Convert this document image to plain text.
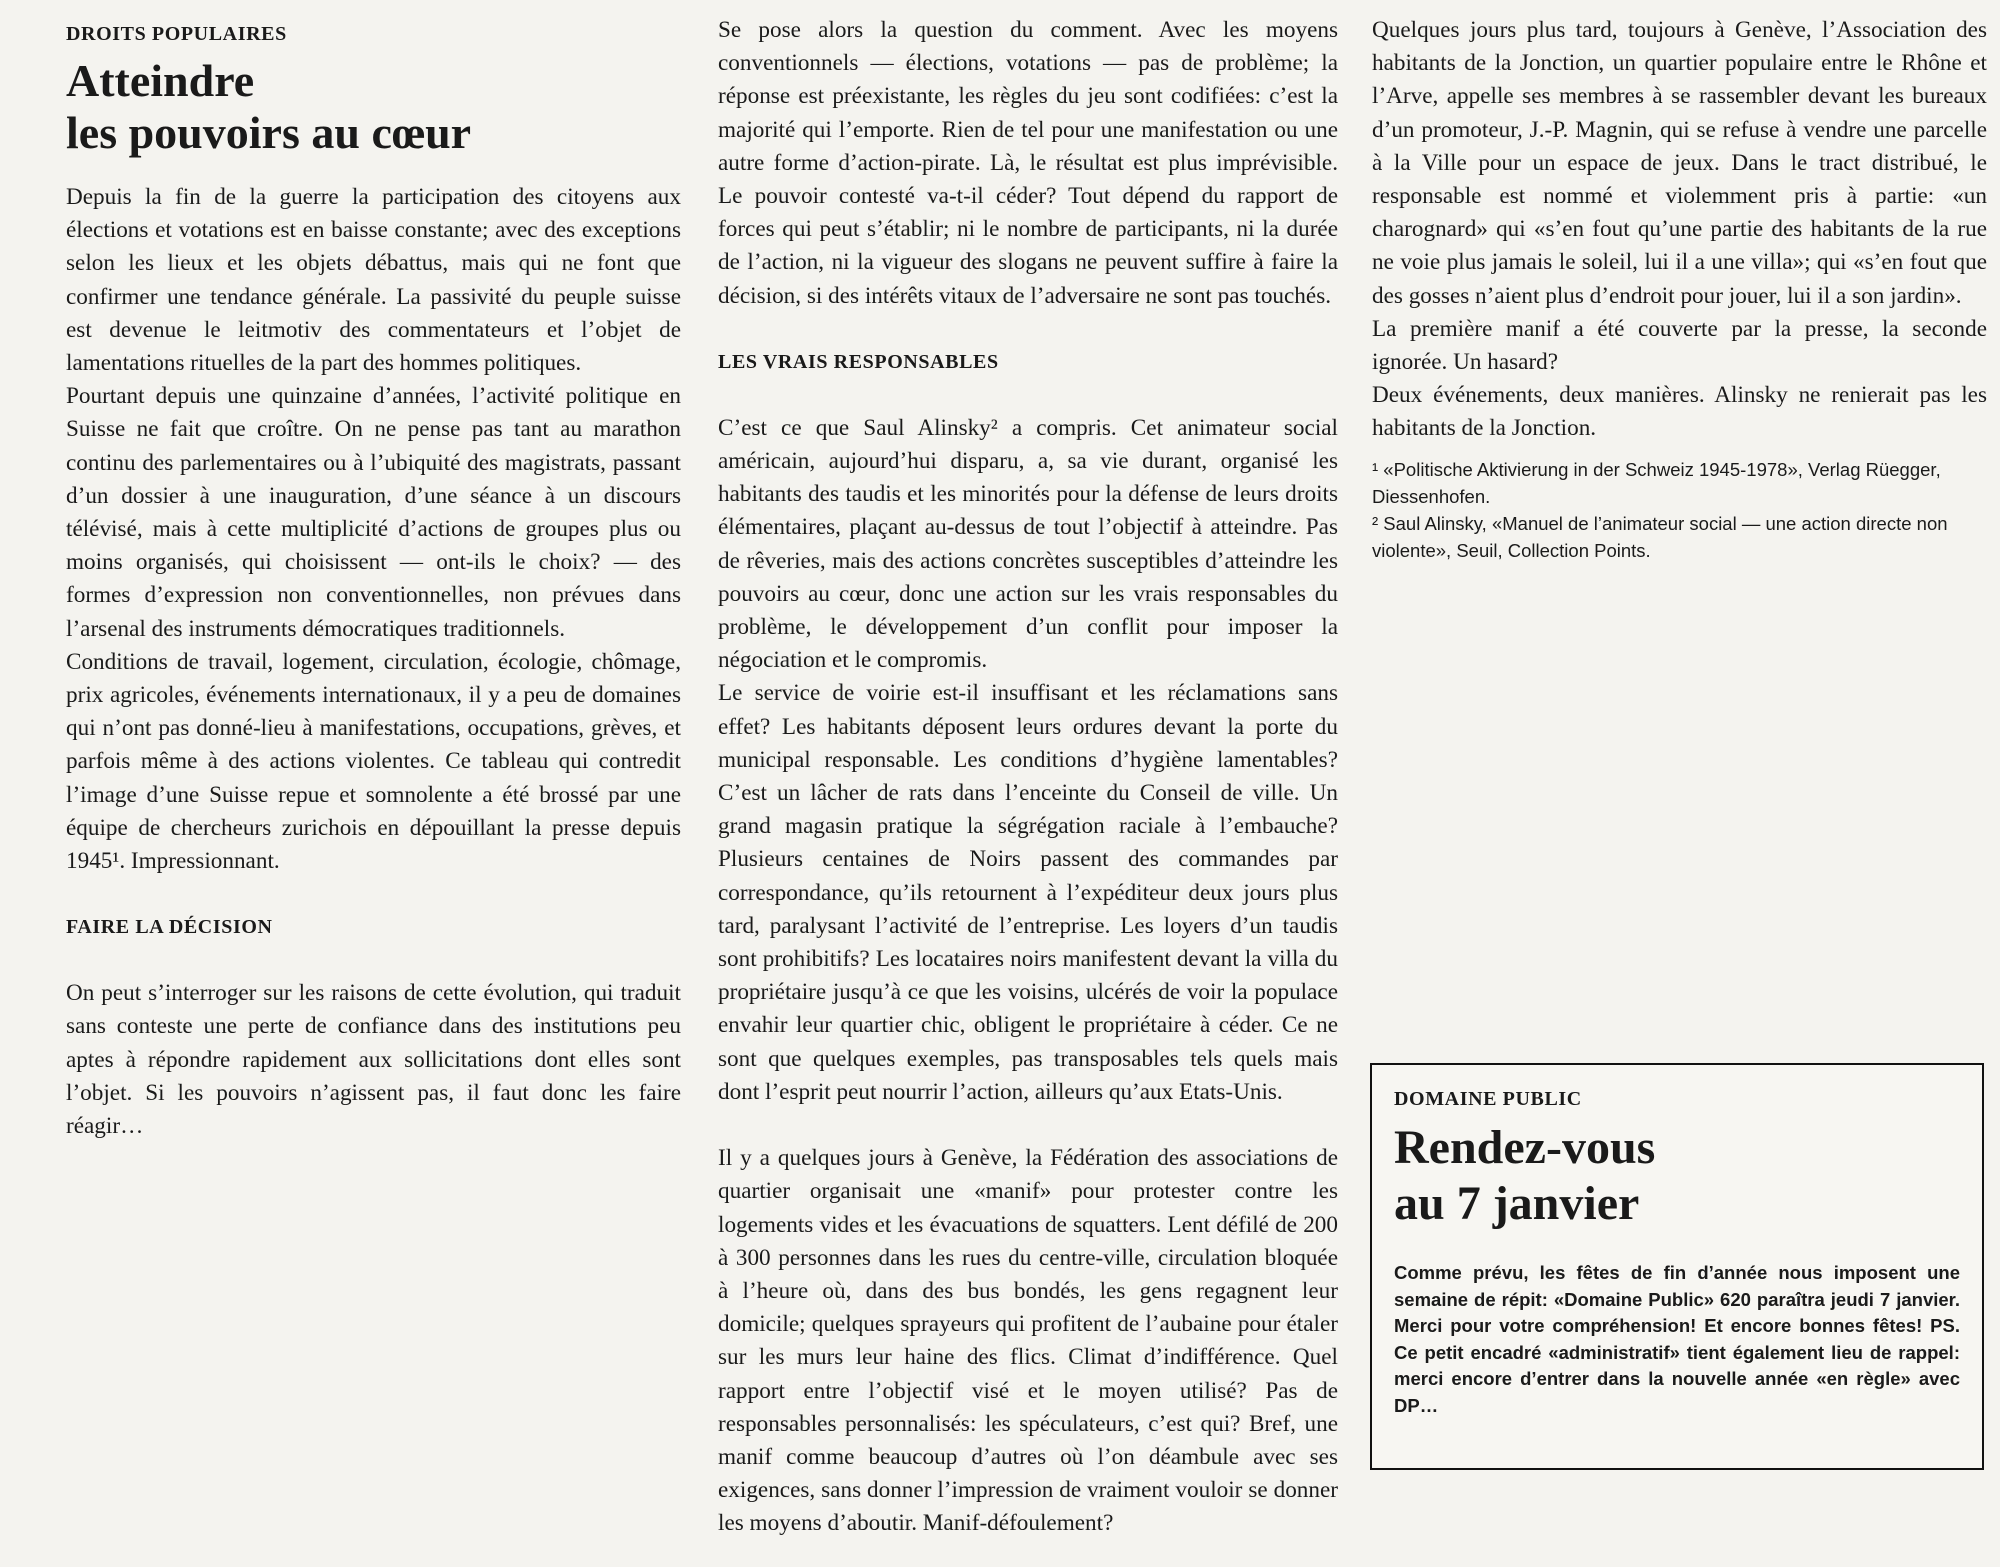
DROITS POPULAIRES
Atteindre
les pouvoirs au cœur

Depuis la fin de la guerre la participation des citoyens aux élections et votations est en baisse constante; avec des exceptions selon les lieux et les objets débattus, mais qui ne font que confirmer une tendance générale. La passivité du peuple suisse est devenue le leitmotiv des commentateurs et l’objet de lamentations rituelles de la part des hommes politiques.

Pourtant depuis une quinzaine d’années, l’activité politique en Suisse ne fait que croître. On ne pense pas tant au marathon continu des parlementaires ou à l’ubiquité des magistrats, passant d’un dossier à une inauguration, d’une séance à un discours télévisé, mais à cette multiplicité d’actions de groupes plus ou moins organisés, qui choisissent — ont-ils le choix? — des formes d’expression non conventionnelles, non prévues dans l’arsenal des instruments démocratiques traditionnels.

Conditions de travail, logement, circulation, écologie, chômage, prix agricoles, événements internationaux, il y a peu de domaines qui n’ont pas donné-lieu à manifestations, occupations, grèves, et parfois même à des actions violentes. Ce tableau qui contredit l’image d’une Suisse repue et somnolente a été brossé par une équipe de chercheurs zurichois en dépouillant la presse depuis 1945¹. Impressionnant.

FAIRE LA DÉCISION

On peut s’interroger sur les raisons de cette évolution, qui traduit sans conteste une perte de confiance dans des institutions peu aptes à répondre rapidement aux sollicitations dont elles sont l’objet. Si les pouvoirs n’agissent pas, il faut donc les faire réagir…

Se pose alors la question du comment. Avec les moyens conventionnels — élections, votations — pas de problème; la réponse est préexistante, les règles du jeu sont codifiées: c’est la majorité qui l’emporte. Rien de tel pour une manifestation ou une autre forme d’action-pirate. Là, le résultat est plus imprévisible. Le pouvoir contesté va-t-il céder? Tout dépend du rapport de forces qui peut s’établir; ni le nombre de participants, ni la durée de l’action, ni la vigueur des slogans ne peuvent suffire à faire la décision, si des intérêts vitaux de l’adversaire ne sont pas touchés.

LES VRAIS RESPONSABLES

C’est ce que Saul Alinsky² a compris. Cet animateur social américain, aujourd’hui disparu, a, sa vie durant, organisé les habitants des taudis et les minorités pour la défense de leurs droits élémentaires, plaçant au-dessus de tout l’objectif à atteindre. Pas de rêveries, mais des actions concrètes susceptibles d’atteindre les pouvoirs au cœur, donc une action sur les vrais responsables du problème, le développement d’un conflit pour imposer la négociation et le compromis.

Le service de voirie est-il insuffisant et les réclamations sans effet? Les habitants déposent leurs ordures devant la porte du municipal responsable. Les conditions d’hygiène lamentables? C’est un lâcher de rats dans l’enceinte du Conseil de ville. Un grand magasin pratique la ségrégation raciale à l’embauche? Plusieurs centaines de Noirs passent des commandes par correspondance, qu’ils retournent à l’expéditeur deux jours plus tard, paralysant l’activité de l’entreprise. Les loyers d’un taudis sont prohibitifs? Les locataires noirs manifestent devant la villa du propriétaire jusqu’à ce que les voisins, ulcérés de voir la populace envahir leur quartier chic, obligent le propriétaire à céder. Ce ne sont que quelques exemples, pas transposables tels quels mais dont l’esprit peut nourrir l’action, ailleurs qu’aux Etats-Unis.

Il y a quelques jours à Genève, la Fédération des associations de quartier organisait une «manif» pour protester contre les logements vides et les évacuations de squatters. Lent défilé de 200 à 300 personnes dans les rues du centre-ville, circulation bloquée à l’heure où, dans des bus bondés, les gens regagnent leur domicile; quelques sprayeurs qui profitent de l’aubaine pour étaler sur les murs leur haine des flics. Climat d’indifférence. Quel rapport entre l’objectif visé et le moyen utilisé? Pas de responsables personnalisés: les spéculateurs, c’est qui? Bref, une manif comme beaucoup d’autres où l’on déambule avec ses exigences, sans donner l’impression de vraiment vouloir se donner les moyens d’aboutir. Manif-défoulement?

Quelques jours plus tard, toujours à Genève, l’Association des habitants de la Jonction, un quartier populaire entre le Rhône et l’Arve, appelle ses membres à se rassembler devant les bureaux d’un promoteur, J.-P. Magnin, qui se refuse à vendre une parcelle à la Ville pour un espace de jeux. Dans le tract distribué, le responsable est nommé et violemment pris à partie: «un charognard» qui «s’en fout qu’une partie des habitants de la rue ne voie plus jamais le soleil, lui il a une villa»; qui «s’en fout que des gosses n’aient plus d’endroit pour jouer, lui il a son jardin».

La première manif a été couverte par la presse, la seconde ignorée. Un hasard?

Deux événements, deux manières. Alinsky ne renierait pas les habitants de la Jonction.

¹ «Politische Aktivierung in der Schweiz 1945-1978», Verlag Rüegger, Diessenhofen.

² Saul Alinsky, «Manuel de l’animateur social — une action directe non violente», Seuil, Collection Points.

DOMAINE PUBLIC
Rendez-vous
au 7 janvier

Comme prévu, les fêtes de fin d’année nous imposent une semaine de répit: «Domaine Public» 620 paraîtra jeudi 7 janvier. Merci pour votre compréhension! Et encore bonnes fêtes! PS. Ce petit encadré «administratif» tient également lieu de rappel: merci encore d’entrer dans la nouvelle année «en règle» avec DP…
